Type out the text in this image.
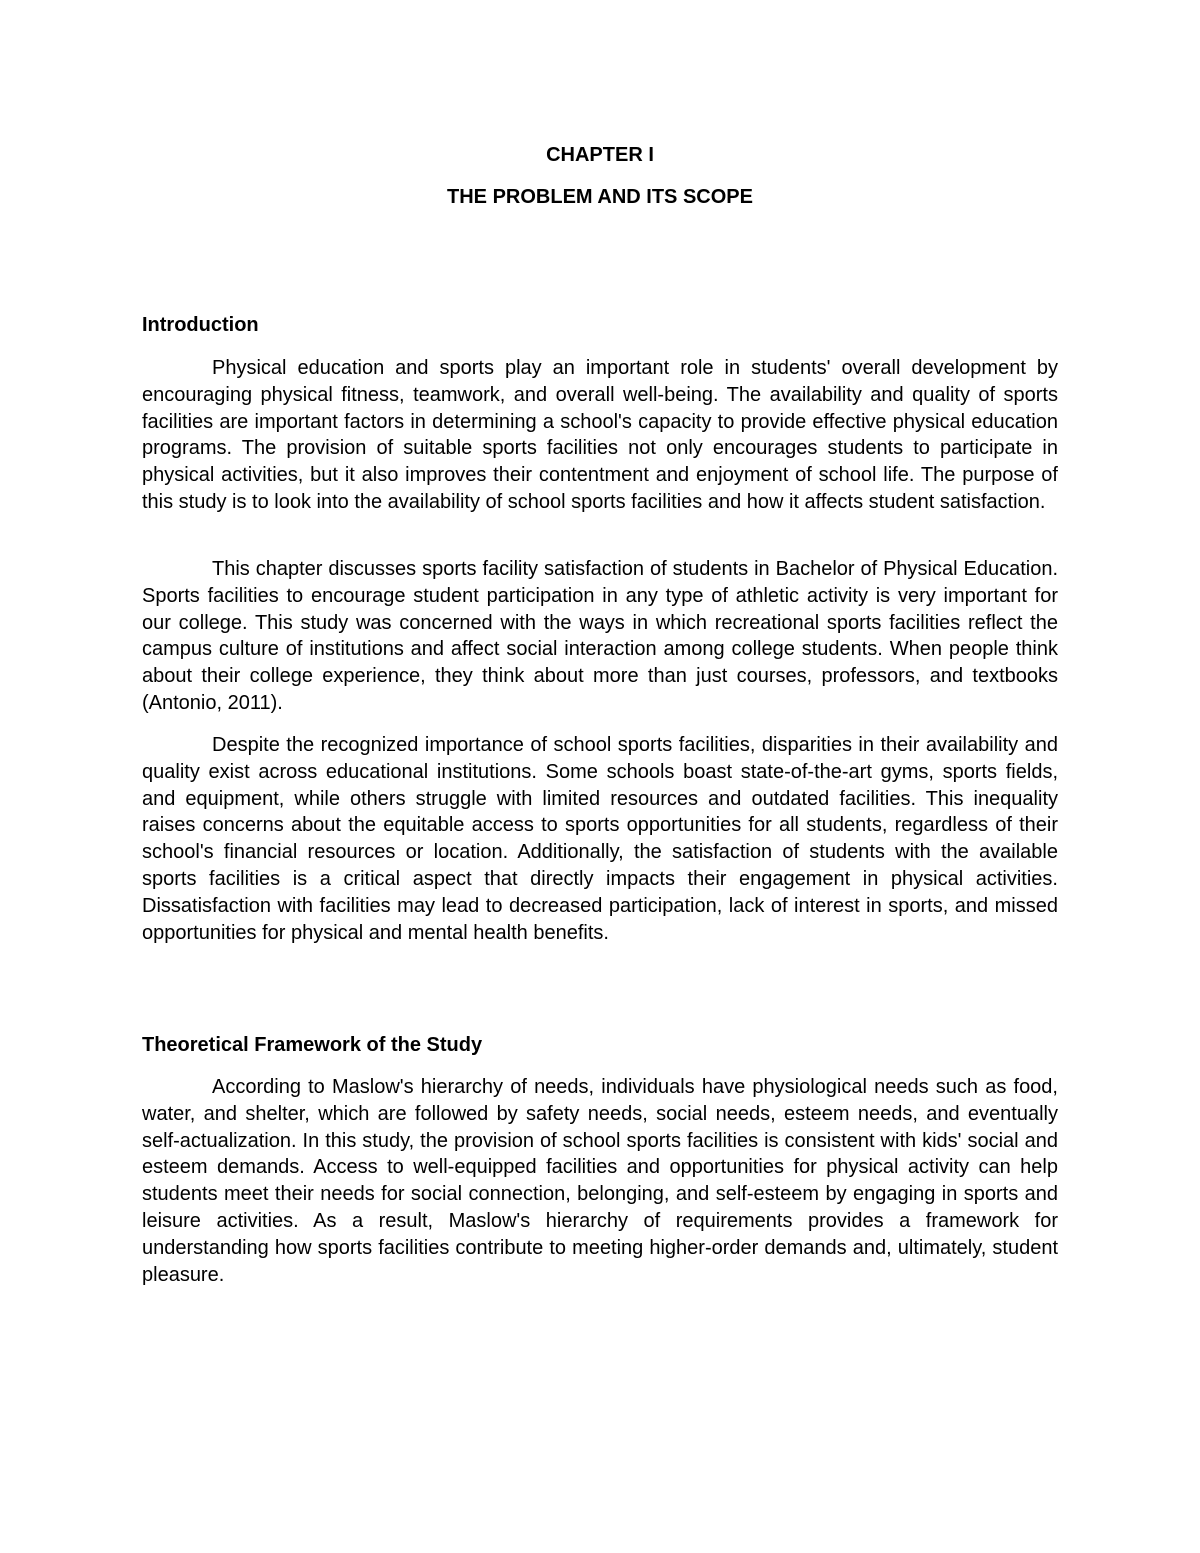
CHAPTER I
THE PROBLEM AND ITS SCOPE
Introduction

Physical education and sports play an important role in students' overall development by encouraging physical fitness, teamwork, and overall well-being. The availability and quality of sports facilities are important factors in determining a school's capacity to provide effective physical education programs. The provision of suitable sports facilities not only encourages students to participate in physical activities, but it also improves their contentment and enjoyment of school life. The purpose of this study is to look into the availability of school sports facilities and how it affects student satisfaction.

This chapter discusses sports facility satisfaction of students in Bachelor of Physical Education. Sports facilities to encourage student participation in any type of athletic activity is very important for our college. This study was concerned with the ways in which recreational sports facilities reflect the campus culture of institutions and affect social interaction among college students. When people think about their college experience, they think about more than just courses, professors, and textbooks (Antonio, 2011).

Despite the recognized importance of school sports facilities, disparities in their availability and quality exist across educational institutions. Some schools boast state-of-the-art gyms, sports fields, and equipment, while others struggle with limited resources and outdated facilities. This inequality raises concerns about the equitable access to sports opportunities for all students, regardless of their school's financial resources or location. Additionally, the satisfaction of students with the available sports facilities is a critical aspect that directly impacts their engagement in physical activities. Dissatisfaction with facilities may lead to decreased participation, lack of interest in sports, and missed opportunities for physical and mental health benefits.

Theoretical Framework of the Study

According to Maslow's hierarchy of needs, individuals have physiological needs such as food, water, and shelter, which are followed by safety needs, social needs, esteem needs, and eventually self-actualization. In this study, the provision of school sports facilities is consistent with kids' social and esteem demands. Access to well-equipped facilities and opportunities for physical activity can help students meet their needs for social connection, belonging, and self-esteem by engaging in sports and leisure activities. As a result, Maslow's hierarchy of requirements provides a framework for understanding how sports facilities contribute to meeting higher-order demands and, ultimately, student pleasure.
